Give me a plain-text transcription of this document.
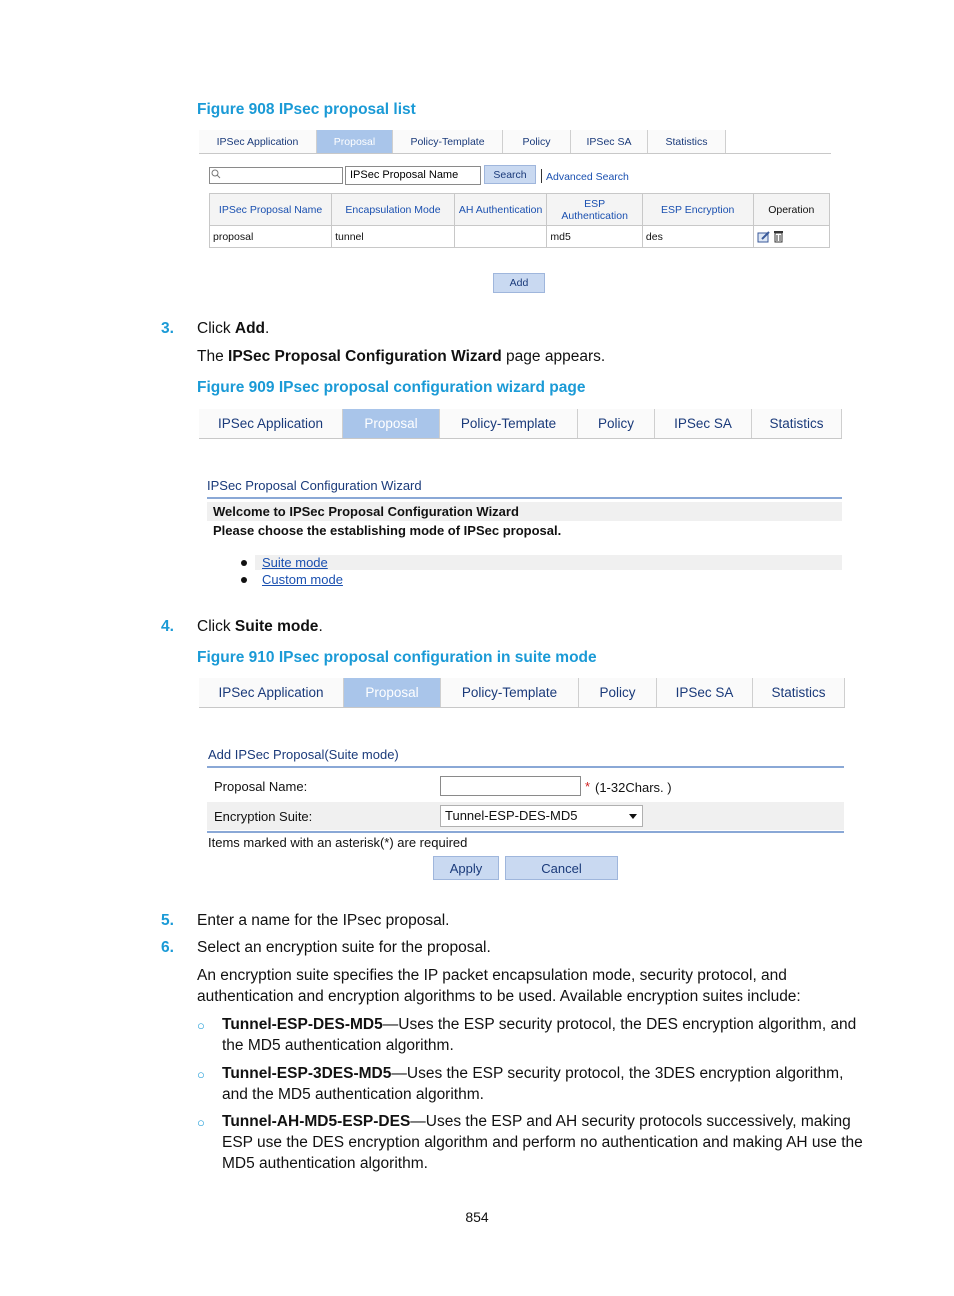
Figure 908 IPsec proposal list
IPSec Application	Proposal	Policy-Template	Policy	IPSec SA	Statistics
IPSec Proposal Name	Search	Advanced Search
IPSec Proposal Name	Encapsulation Mode	AH Authentication	ESP Authentication	ESP Encryption	Operation
proposal	tunnel		md5	des	
Add
3. Click Add.
The IPSec Proposal Configuration Wizard page appears.
Figure 909 IPsec proposal configuration wizard page
IPSec Application	Proposal	Policy-Template	Policy	IPSec SA	Statistics
IPSec Proposal Configuration Wizard
Welcome to IPSec Proposal Configuration Wizard
Please choose the establishing mode of IPSec proposal.
Suite mode
Custom mode
4. Click Suite mode.
Figure 910 IPsec proposal configuration in suite mode
IPSec Application	Proposal	Policy-Template	Policy	IPSec SA	Statistics
Add IPSec Proposal(Suite mode)
Proposal Name:	* (1-32Chars. )
Encryption Suite:	Tunnel-ESP-DES-MD5
Items marked with an asterisk(*) are required
Apply	Cancel
5. Enter a name for the IPsec proposal.
6. Select an encryption suite for the proposal.
An encryption suite specifies the IP packet encapsulation mode, security protocol, and
authentication and encryption algorithms to be used. Available encryption suites include:
○ Tunnel-ESP-DES-MD5—Uses the ESP security protocol, the DES encryption algorithm, and the MD5 authentication algorithm.
○ Tunnel-ESP-3DES-MD5—Uses the ESP security protocol, the 3DES encryption algorithm, and the MD5 authentication algorithm.
○ Tunnel-AH-MD5-ESP-DES—Uses the ESP and AH security protocols successively, making ESP use the DES encryption algorithm and perform no authentication and making AH use the MD5 authentication algorithm.
854
